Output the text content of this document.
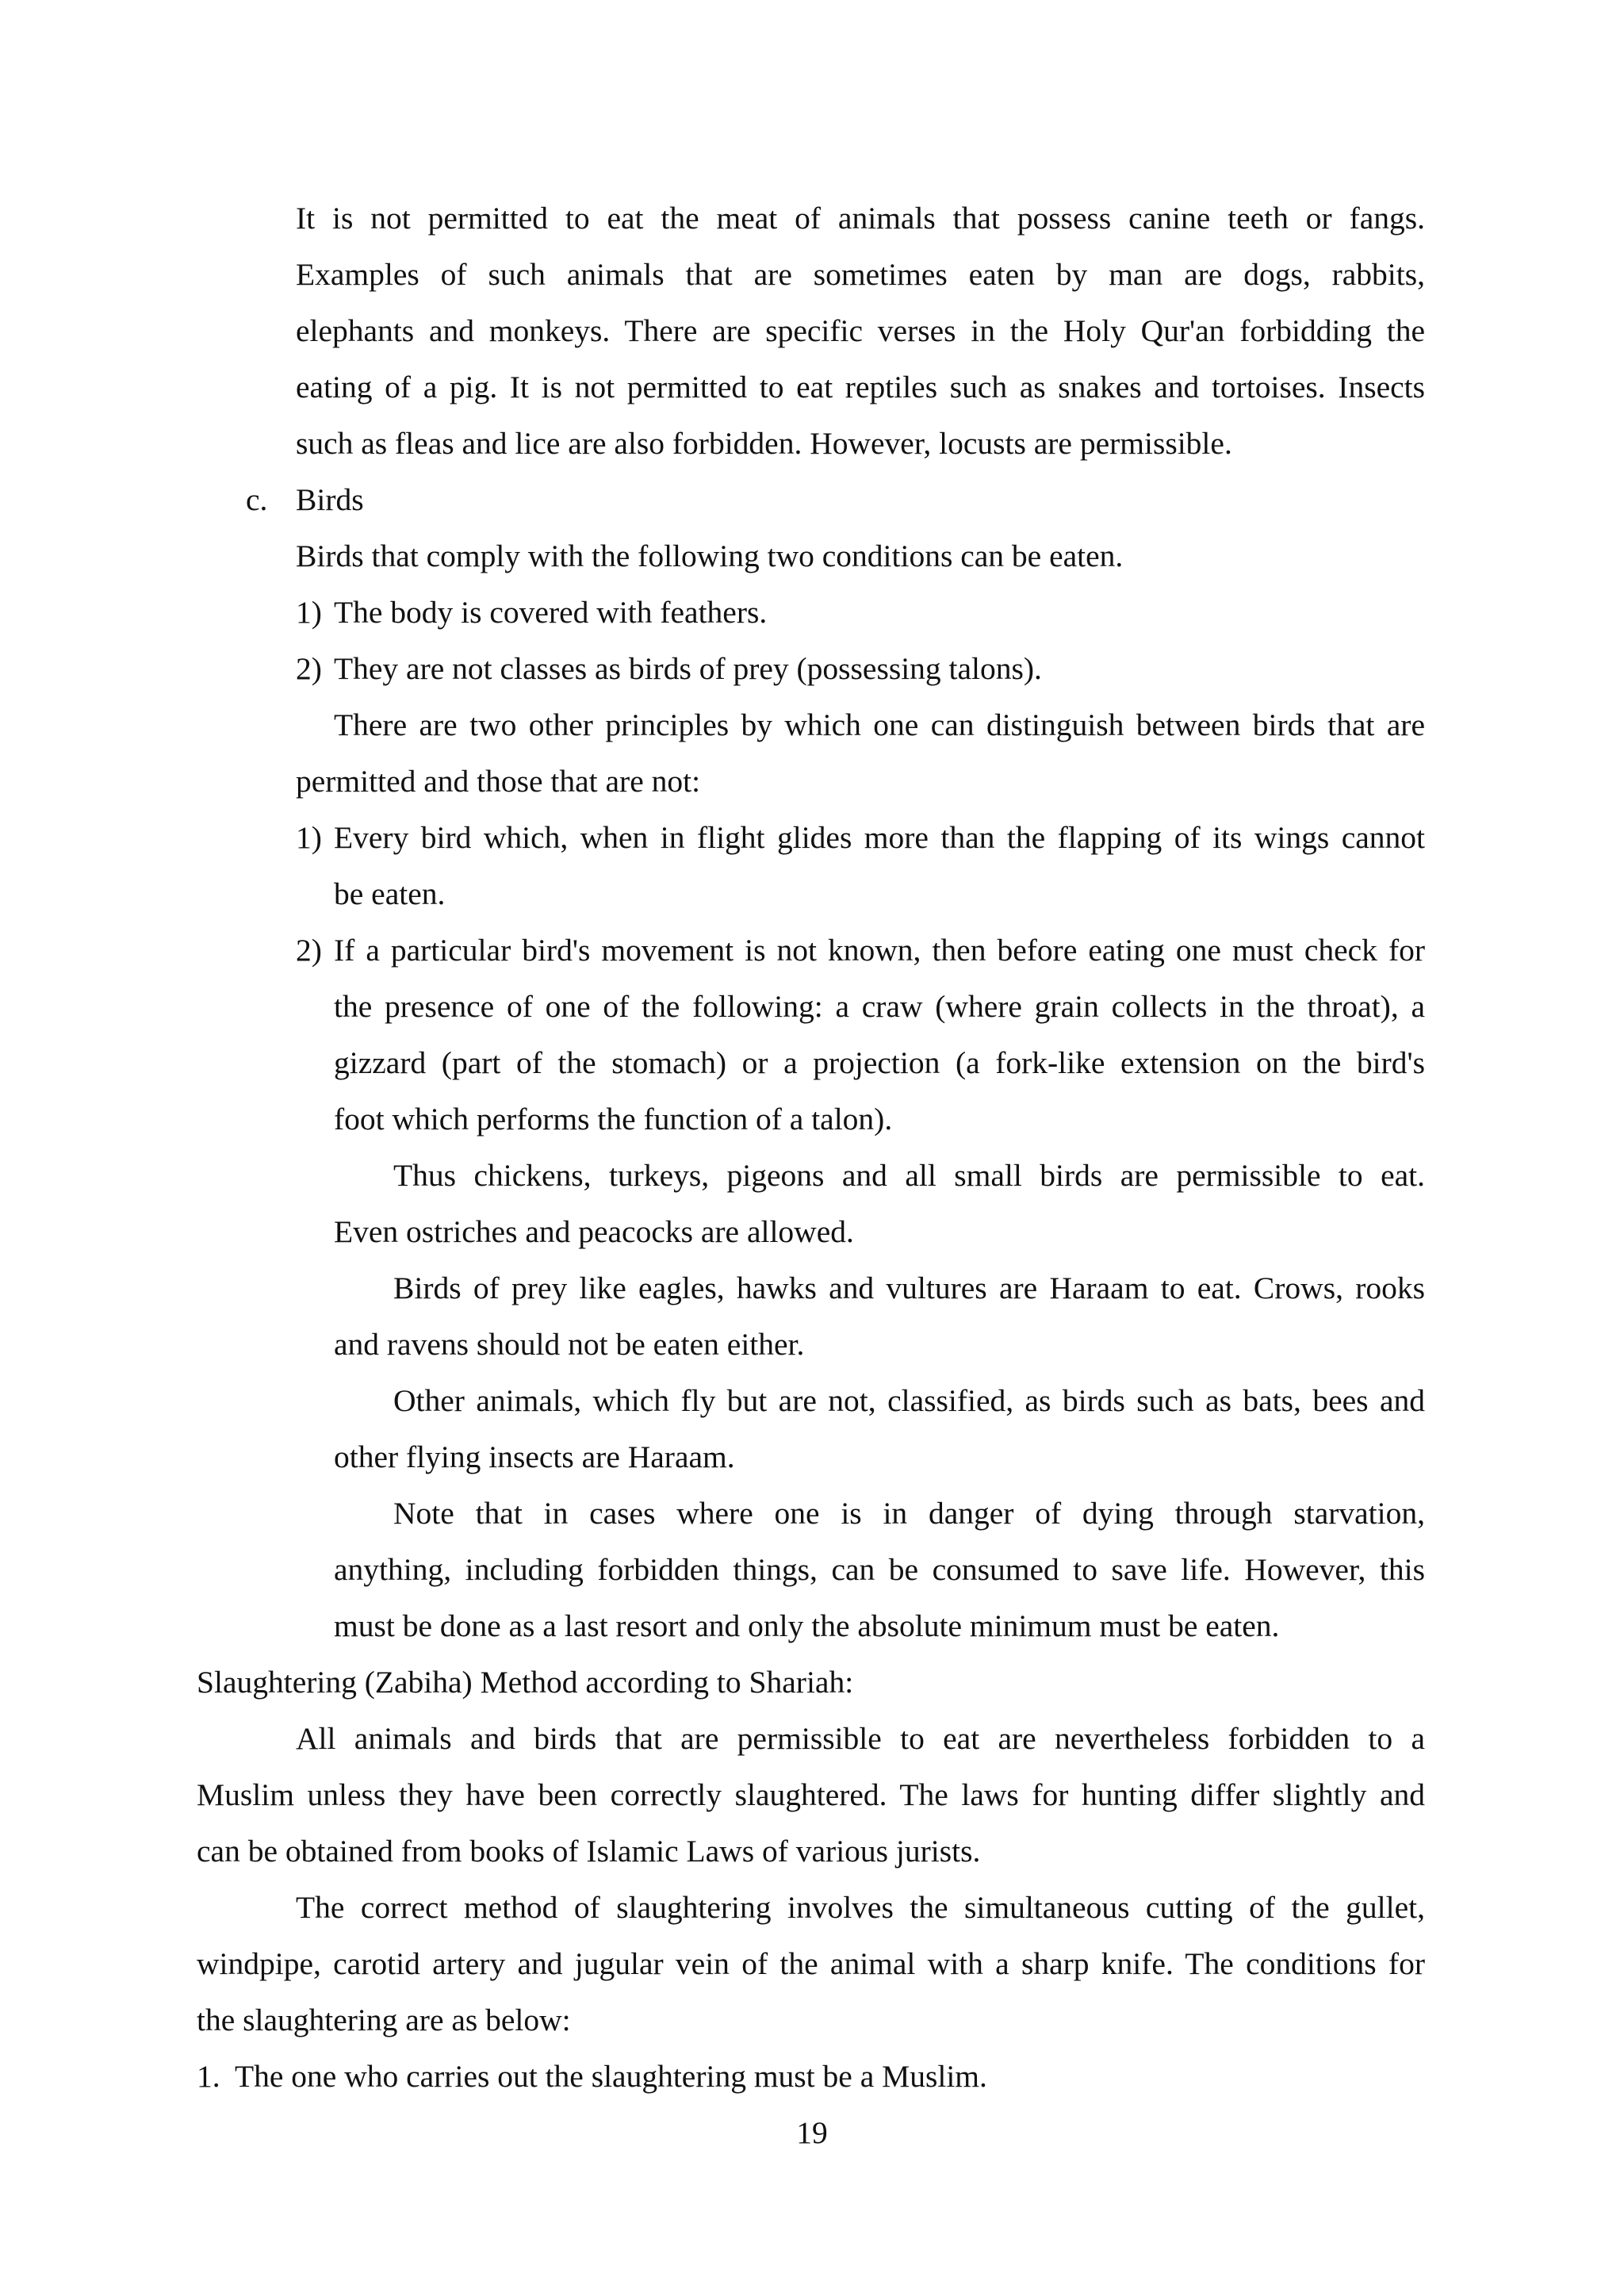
It is not permitted to eat the meat of animals that possess canine teeth or fangs.
Examples of such animals that are sometimes eaten by man are dogs, rabbits,
elephants and monkeys. There are specific verses in the Holy Qur'an forbidding the
eating of a pig. It is not permitted to eat reptiles such as snakes and tortoises. Insects
such as fleas and lice are also forbidden. However, locusts are permissible.
c. Birds
Birds that comply with the following two conditions can be eaten.
1) The body is covered with feathers.
2) They are not classes as birds of prey (possessing talons).
There are two other principles by which one can distinguish between birds that are
permitted and those that are not:
1) Every bird which, when in flight glides more than the flapping of its wings cannot
be eaten.
2) If a particular bird's movement is not known, then before eating one must check for
the presence of one of the following: a craw (where grain collects in the throat), a
gizzard (part of the stomach) or a projection (a fork-like extension on the bird's
foot which performs the function of a talon).
Thus chickens, turkeys, pigeons and all small birds are permissible to eat.
Even ostriches and peacocks are allowed.
Birds of prey like eagles, hawks and vultures are Haraam to eat. Crows, rooks
and ravens should not be eaten either.
Other animals, which fly but are not, classified, as birds such as bats, bees and
other flying insects are Haraam.
Note that in cases where one is in danger of dying through starvation,
anything, including forbidden things, can be consumed to save life. However, this
must be done as a last resort and only the absolute minimum must be eaten.
Slaughtering (Zabiha) Method according to Shariah:
All animals and birds that are permissible to eat are nevertheless forbidden to a
Muslim unless they have been correctly slaughtered. The laws for hunting differ slightly and
can be obtained from books of Islamic Laws of various jurists.
The correct method of slaughtering involves the simultaneous cutting of the gullet,
windpipe, carotid artery and jugular vein of the animal with a sharp knife. The conditions for
the slaughtering are as below:
1. The one who carries out the slaughtering must be a Muslim.
19
